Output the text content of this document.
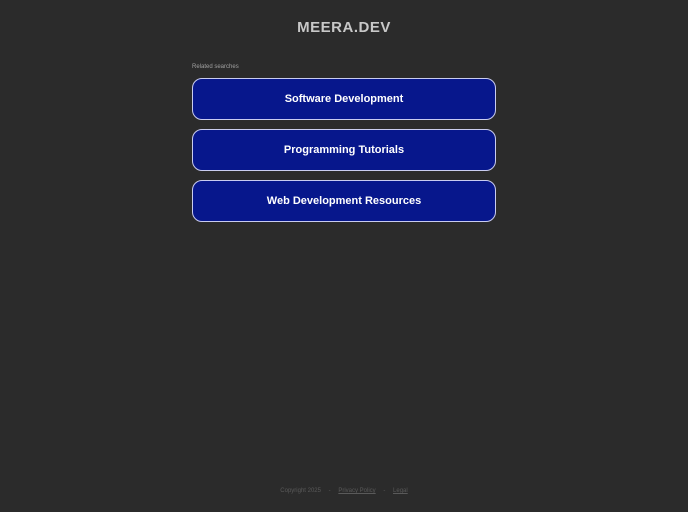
MEERA.DEV
Related searches
Software Development
Programming Tutorials
Web Development Resources
Copyright 2025 - Privacy Policy - Legal
